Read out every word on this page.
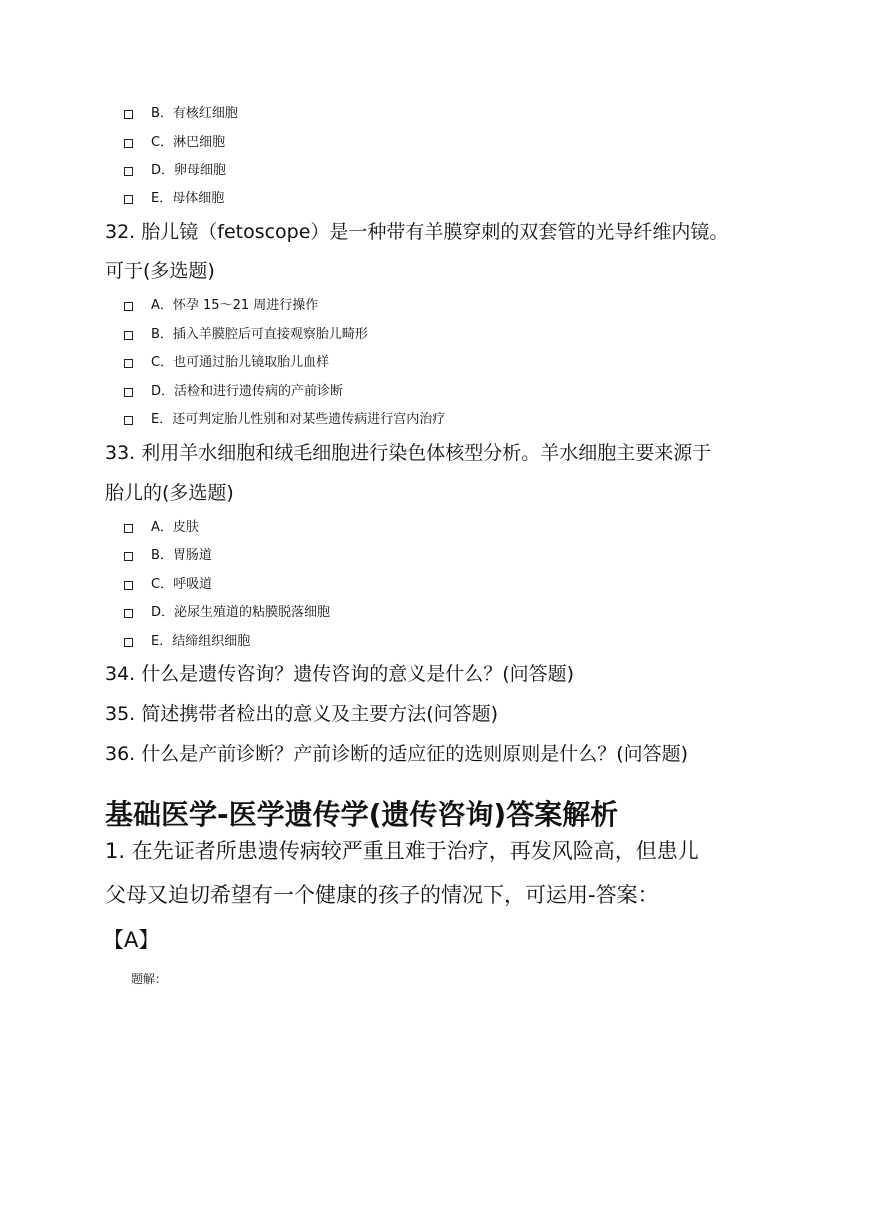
B．有核红细胞
C．淋巴细胞
D．卵母细胞
E．母体细胞
32. 胎儿镜（fetoscope）是一种带有羊膜穿刺的双套管的光导纤维内镜。
可于(多选题)
A．怀孕 15～21 周进行操作
B．插入羊膜腔后可直接观察胎儿畸形
C．也可通过胎儿镜取胎儿血样
D．活检和进行遗传病的产前诊断
E．还可判定胎儿性别和对某些遗传病进行宫内治疗
33. 利用羊水细胞和绒毛细胞进行染色体核型分析。羊水细胞主要来源于
胎儿的(多选题)
A．皮肤
B．胃肠道
C．呼吸道
D．泌尿生殖道的粘膜脱落细胞
E．结缔组织细胞
34. 什么是遗传咨询？遗传咨询的意义是什么？(问答题)
35. 简述携带者检出的意义及主要方法(问答题)
36. 什么是产前诊断？产前诊断的适应征的选则原则是什么？(问答题)
基础医学-医学遗传学(遗传咨询)答案解析
1. 在先证者所患遗传病较严重且难于治疗，再发风险高，但患儿
父母又迫切希望有一个健康的孩子的情况下，可运用-答案：
【A】
题解：
